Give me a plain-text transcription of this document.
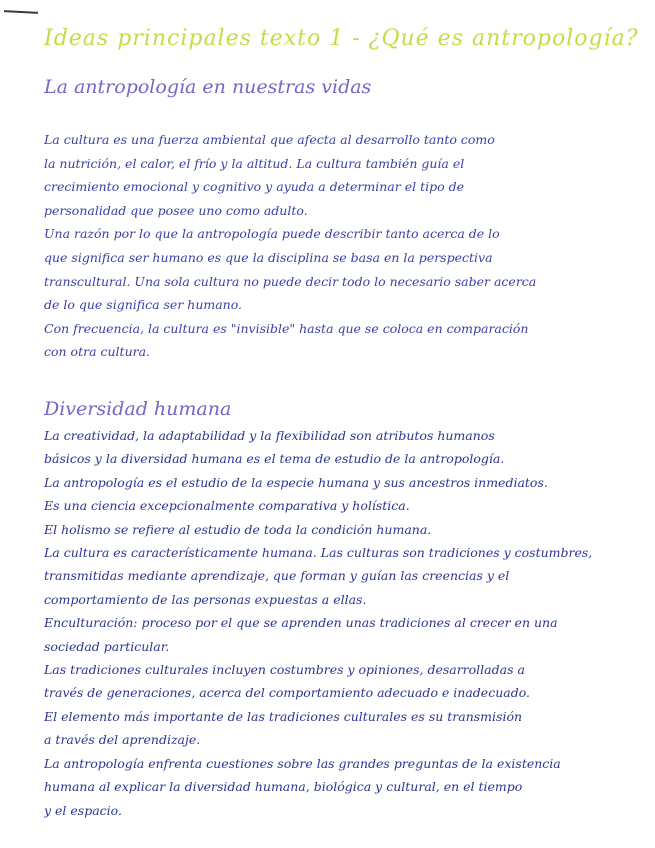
Ideas principales texto 1 - ¿Qué es antropología?
La antropología en nuestras vidas

La cultura es una fuerza ambiental que afecta al desarrollo tanto como
la nutrición, el calor, el frío y la altitud. La cultura también guía el
crecimiento emocional y cognitivo y ayuda a determinar el tipo de
personalidad que posee uno como adulto.
Una razón por lo que la antropología puede describir tanto acerca de lo
que significa ser humano es que la disciplina se basa en la perspectiva
transcultural. Una sola cultura no puede decir todo lo necesario saber acerca
de lo que significa ser humano.
Con frecuencia, la cultura es "invisible" hasta que se coloca en comparación
con otra cultura.

Diversidad humana

La creatividad, la adaptabilidad y la flexibilidad son atributos humanos
básicos y la diversidad humana es el tema de estudio de la antropología.
La antropología es el estudio de la especie humana y sus ancestros inmediatos.
Es una ciencia excepcionalmente comparativa y holística.
El holismo se refiere al estudio de toda la condición humana.
La cultura es característicamente humana. Las culturas son tradiciones y costumbres,
transmitidas mediante aprendizaje, que forman y guían las creencias y el
comportamiento de las personas expuestas a ellas.
Enculturación: proceso por el que se aprenden unas tradiciones al crecer en una
sociedad particular.
Las tradiciones culturales incluyen costumbres y opiniones, desarrolladas a
través de generaciones, acerca del comportamiento adecuado e inadecuado.
El elemento más importante de las tradiciones culturales es su transmisión
a través del aprendizaje.
La antropología enfrenta cuestiones sobre las grandes preguntas de la existencia
humana al explicar la diversidad humana, biológica y cultural, en el tiempo
y el espacio.
